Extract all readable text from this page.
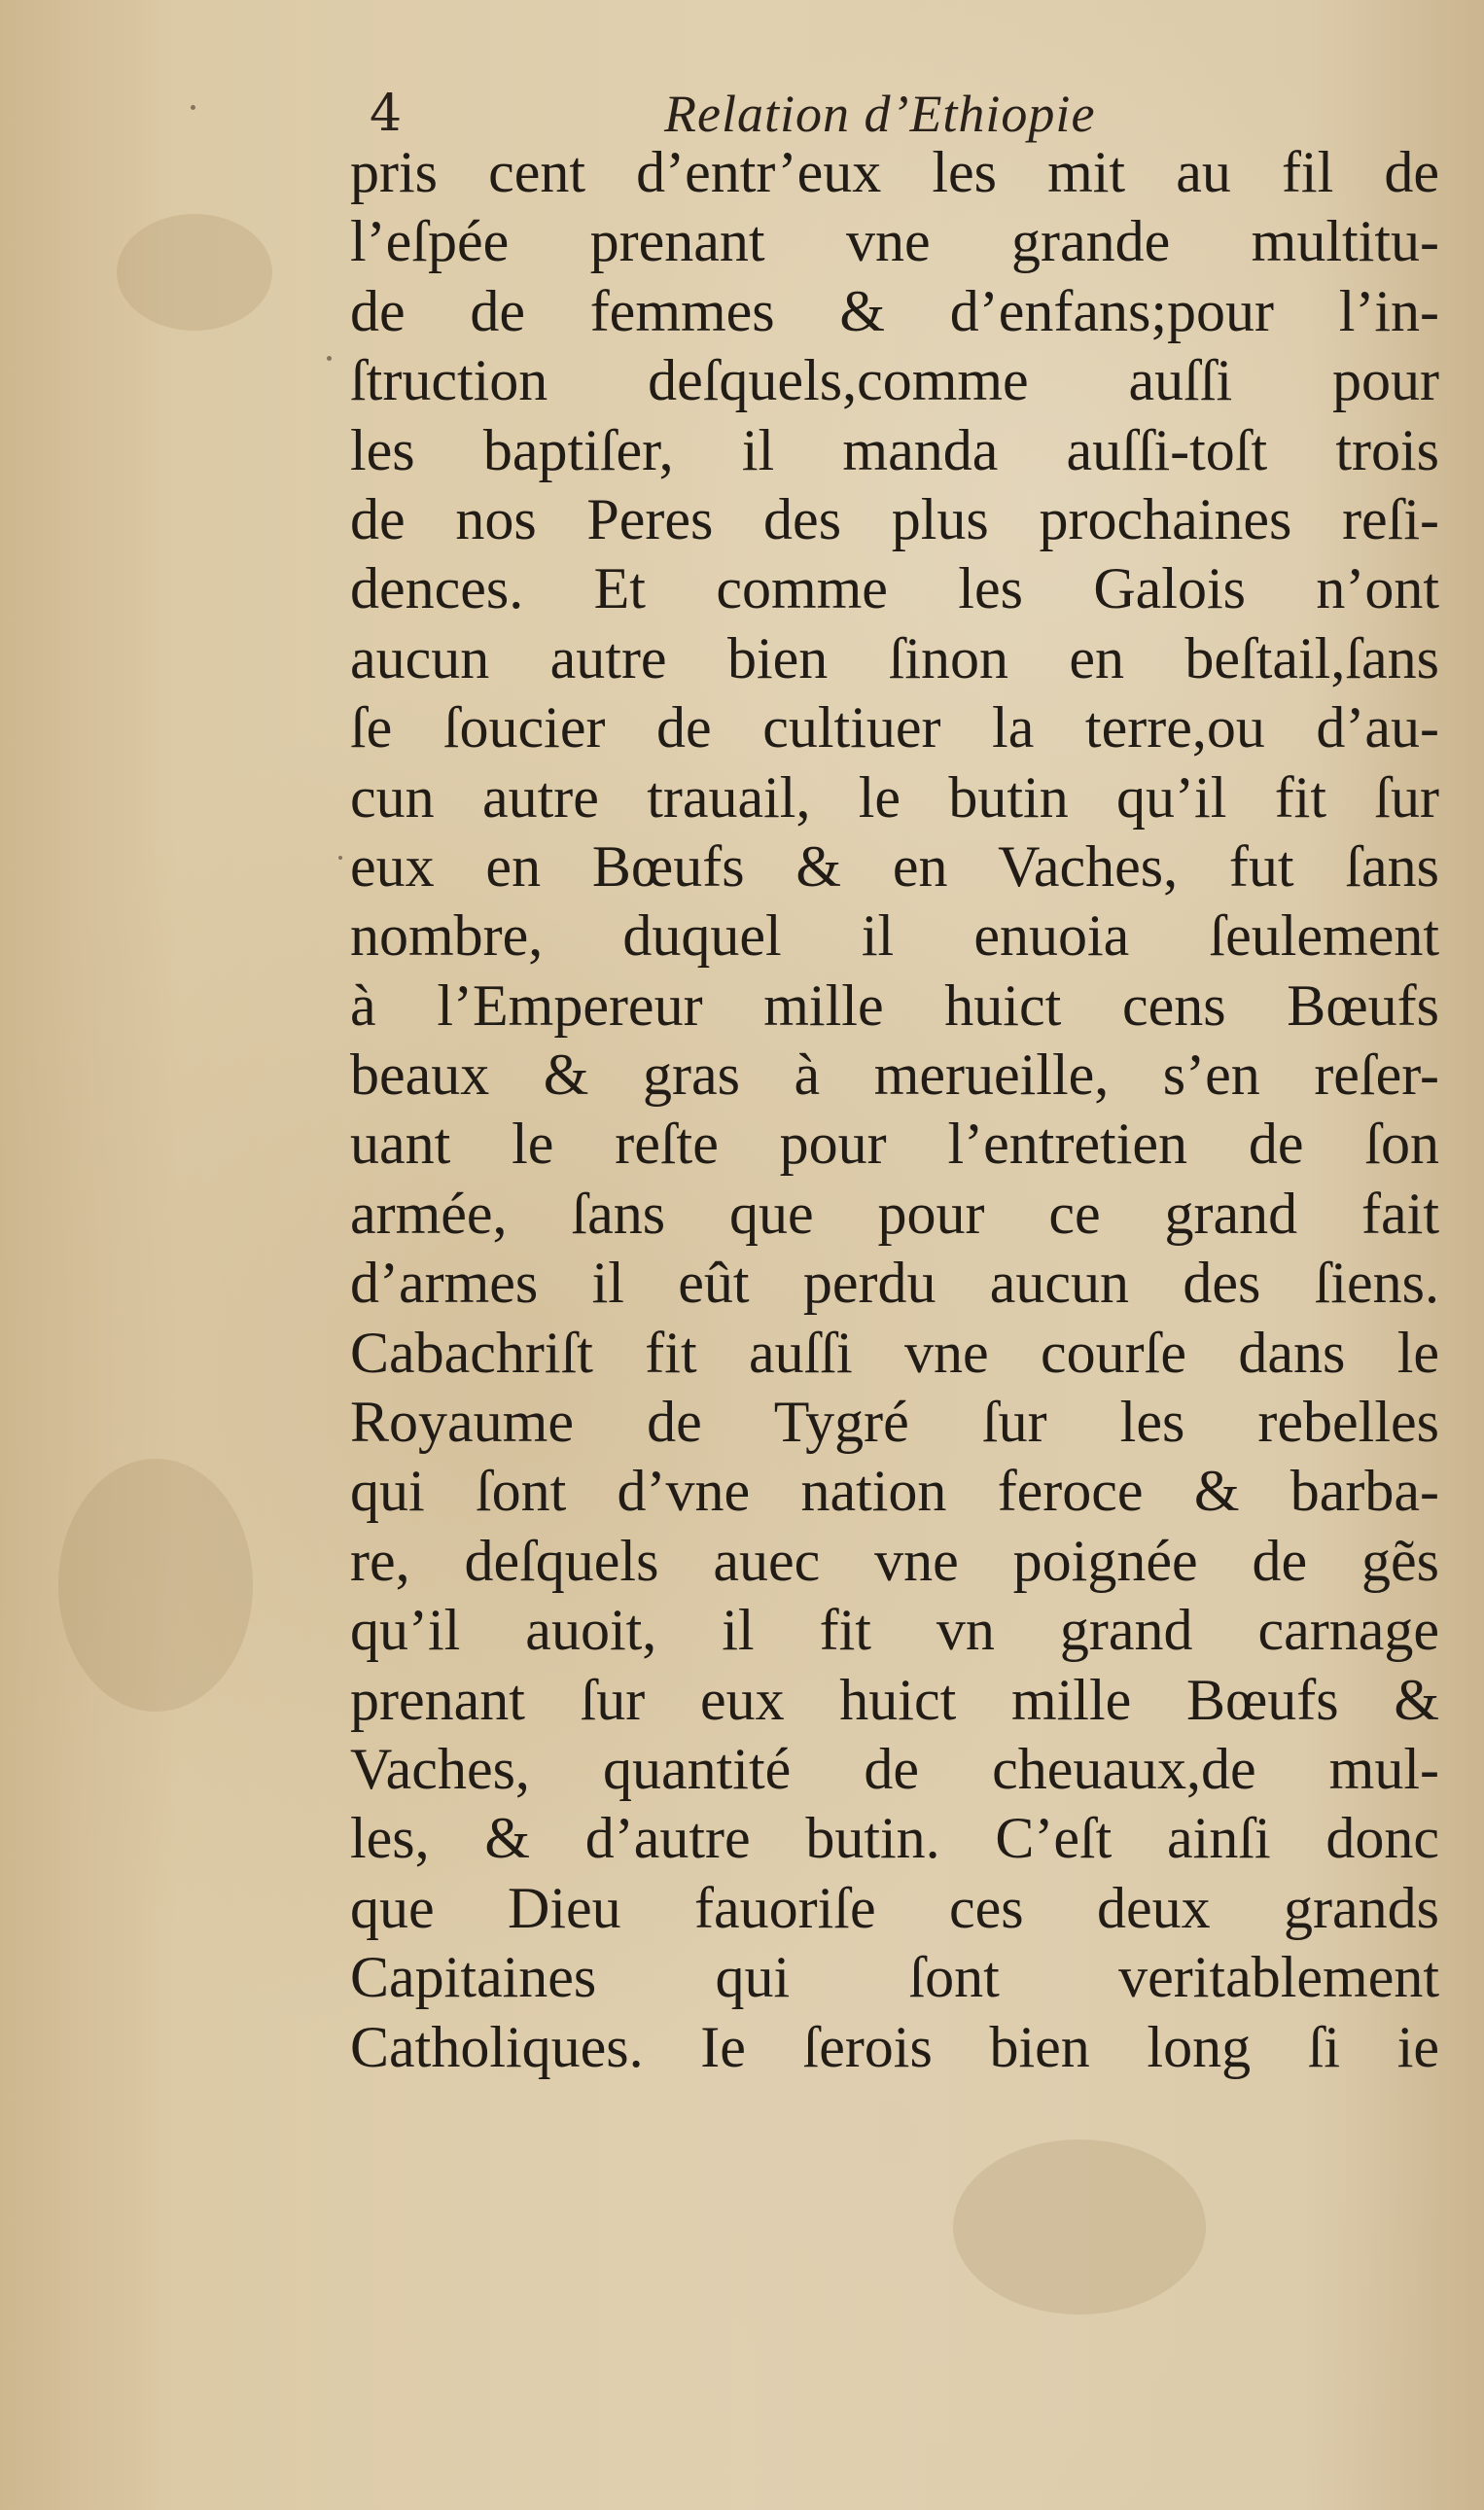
4	Relation d’Ethiopie
pris cent d’entr’eux les mit au fil de
l’eſpée prenant vne grande multitu-
de de femmes & d’enfans;pour l’in-
ſtruction deſquels,comme auſſi pour
les baptiſer, il manda auſſi-toſt trois
de nos Peres des plus prochaines reſi-
dences. Et comme les Galois n’ont
aucun autre bien ſinon en beſtail,ſans
ſe ſoucier de cultiuer la terre,ou d’au-
cun autre trauail, le butin qu’il fit ſur
eux en Bœufs & en Vaches, fut ſans
nombre, duquel il enuoia ſeulement
à l’Empereur mille huict cens Bœufs
beaux & gras à merueille, s’en reſer-
uant le reſte pour l’entretien de ſon
armée, ſans que pour ce grand fait
d’armes il eût perdu aucun des ſiens.
Cabachriſt fit auſſi vne courſe dans le
Royaume de Tygré ſur les rebelles
qui ſont d’vne nation feroce & barba-
re, deſquels auec vne poignée de gẽs
qu’il auoit, il fit vn grand carnage
prenant ſur eux huict mille Bœufs &
Vaches, quantité de cheuaux,de mul-
les, & d’autre butin. C’eſt ainſi donc
que Dieu fauoriſe ces deux grands
Capitaines qui ſont veritablement
Catholiques. Ie ſerois bien long ſi ie
